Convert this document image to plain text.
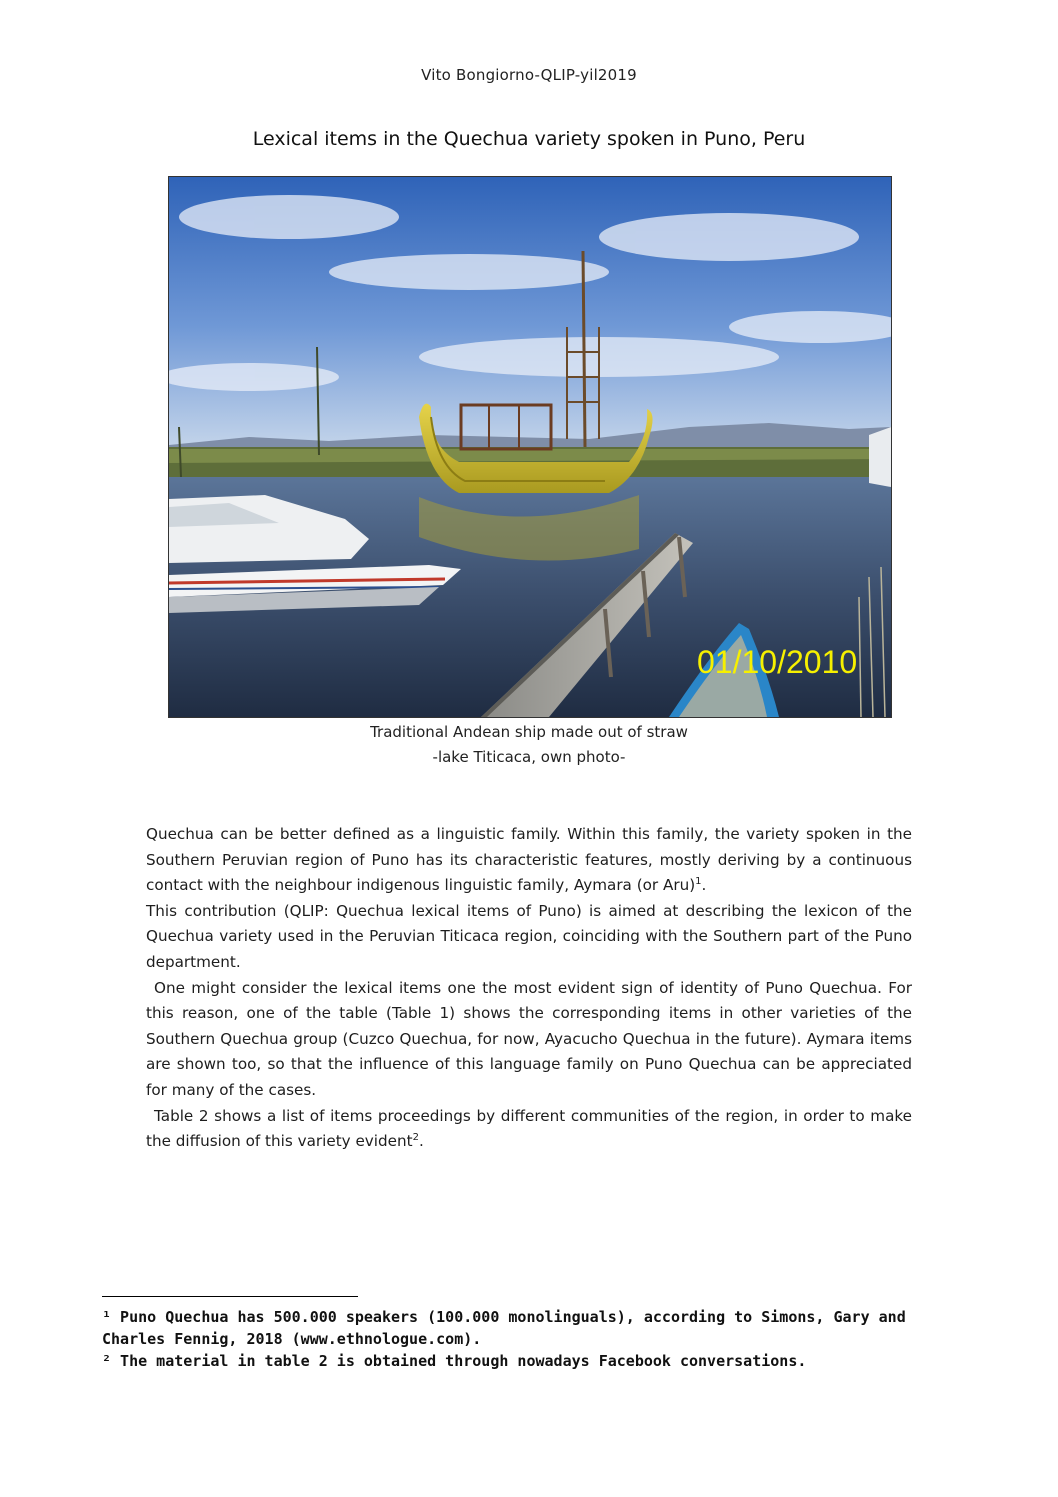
Vito Bongiorno-QLIP-yil2019
Lexical items in the Quechua variety spoken in Puno, Peru
01/10/2010
Traditional Andean ship made out of straw
-lake Titicaca, own photo-

Quechua can be better defined as a linguistic family. Within this family, the variety spoken in the Southern Peruvian region of Puno has its characteristic features, mostly deriving by a continuous contact with the neighbour indigenous linguistic family, Aymara (or Aru)$^1$.

This contribution (QLIP: Quechua lexical items of Puno) is aimed at describing the lexicon of the Quechua variety used in the Peruvian Titicaca region, coinciding with the Southern part of the Puno department.

One might consider the lexical items one the most evident sign of identity of Puno Quechua. For this reason, one of the table (Table 1) shows the corresponding items in other varieties of the Southern Quechua group (Cuzco Quechua, for now, Ayacucho Quechua in the future). Aymara items are shown too, so that the influence of this language family on Puno Quechua can be appreciated for many of the cases.

Table 2 shows a list of items proceedings by different communities of the region, in order to make the diffusion of this variety evident$^2$.

¹ Puno Quechua has 500.000 speakers (100.000 monolinguals), according to Simons, Gary and Charles Fennig, 2018 (www.ethnologue.com).

² The material in table 2 is obtained through nowadays Facebook conversations.
